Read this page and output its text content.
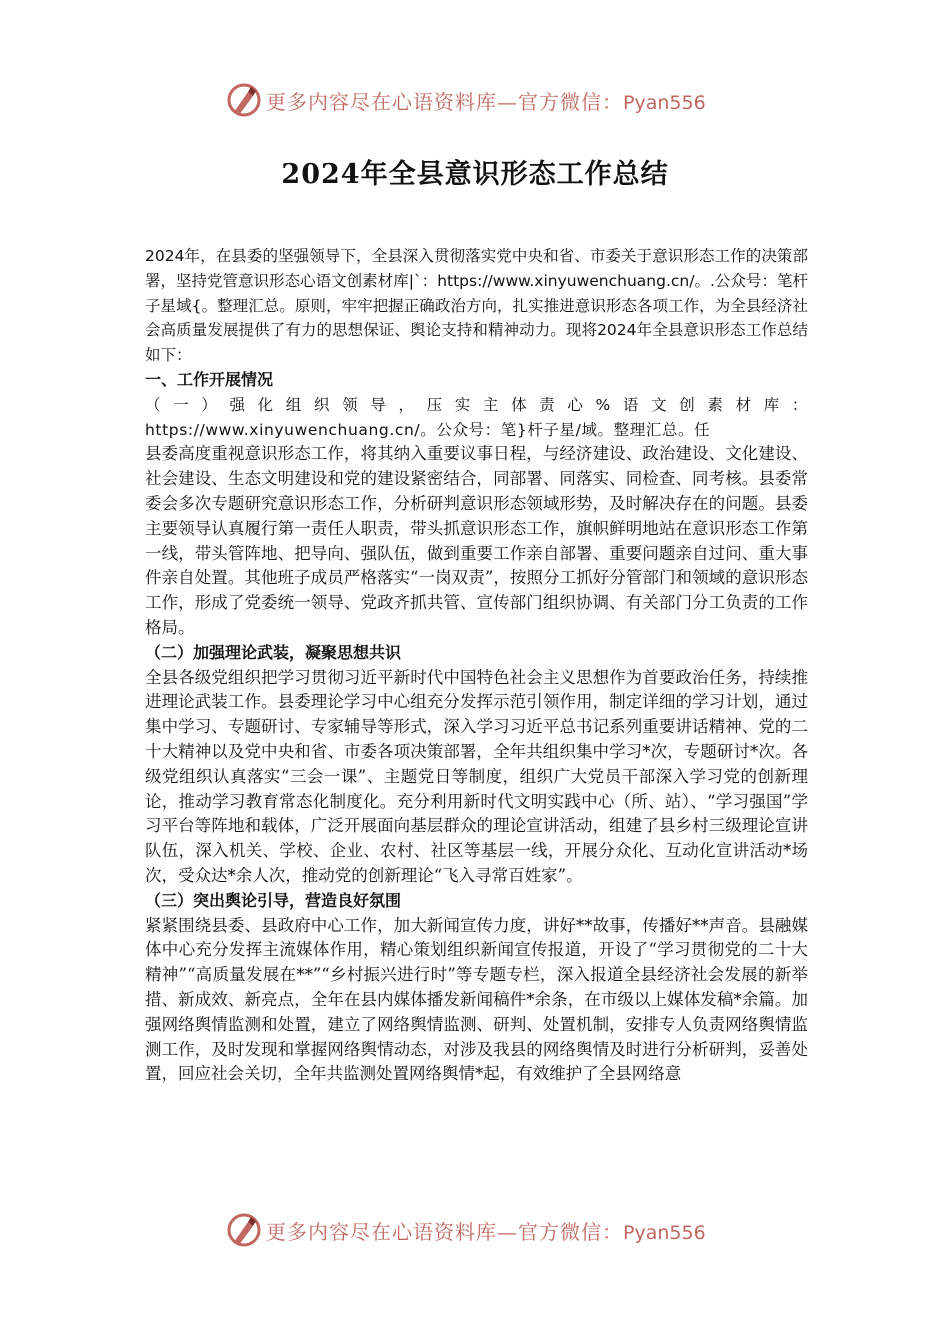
更多内容尽在心语资料库—官方微信：Pyan556
2024年全县意识形态工作总结

2024年，在县委的坚强领导下，全县深入贯彻落实党中央和省、市委关于意识形态工作的决策部署，坚持党管意识形态心语文创素材库|`：https://www.xinyuwenchuang.cn/。.公众号：笔杆子星域{。整理汇总。原则，牢牢把握正确政治方向，扎实推进意识形态各项工作，为全县经济社会高质量发展提供了有力的思想保证、舆论支持和精神动力。现将2024年全县意识形态工作总结如下：

一、工作开展情况

（一）强化组织领导，压实主体责心%语文创素材库：https://www.xinyuwenchuang.cn/。公众号：笔}杆子星/域。整理汇总。任

县委高度重视意识形态工作，将其纳入重要议事日程，与经济建设、政治建设、文化建设、社会建设、生态文明建设和党的建设紧密结合，同部署、同落实、同检查、同考核。县委常委会多次专题研究意识形态工作，分析研判意识形态领域形势，及时解决存在的问题。县委主要领导认真履行第一责任人职责，带头抓意识形态工作，旗帜鲜明地站在意识形态工作第一线，带头管阵地、把导向、强队伍，做到重要工作亲自部署、重要问题亲自过问、重大事件亲自处置。其他班子成员严格落实“一岗双责”，按照分工抓好分管部门和领域的意识形态工作，形成了党委统一领导、党政齐抓共管、宣传部门组织协调、有关部门分工负责的工作格局。

（二）加强理论武装，凝聚思想共识

全县各级党组织把学习贯彻习近平新时代中国特色社会主义思想作为首要政治任务，持续推进理论武装工作。县委理论学习中心组充分发挥示范引领作用，制定详细的学习计划，通过集中学习、专题研讨、专家辅导等形式，深入学习习近平总书记系列重要讲话精神、党的二十大精神以及党中央和省、市委各项决策部署，全年共组织集中学习*次，专题研讨*次。各级党组织认真落实“三会一课”、主题党日等制度，组织广大党员干部深入学习党的创新理论，推动学习教育常态化制度化。充分利用新时代文明实践中心（所、站）、“学习强国”学习平台等阵地和载体，广泛开展面向基层群众的理论宣讲活动，组建了县乡村三级理论宣讲队伍，深入机关、学校、企业、农村、社区等基层一线，开展分众化、互动化宣讲活动*场次，受众达*余人次，推动党的创新理论“飞入寻常百姓家”。

（三）突出舆论引导，营造良好氛围

紧紧围绕县委、县政府中心工作，加大新闻宣传力度，讲好**故事，传播好**声音。县融媒体中心充分发挥主流媒体作用，精心策划组织新闻宣传报道，开设了“学习贯彻党的二十大精神”“高质量发展在**”“乡村振兴进行时”等专题专栏，深入报道全县经济社会发展的新举措、新成效、新亮点，全年在县内媒体播发新闻稿件*余条，在市级以上媒体发稿*余篇。加强网络舆情监测和处置，建立了网络舆情监测、研判、处置机制，安排专人负责网络舆情监测工作，及时发现和掌握网络舆情动态，对涉及我县的网络舆情及时进行分析研判，妥善处置，回应社会关切，全年共监测处置网络舆情*起，有效维护了全县网络意

更多内容尽在心语资料库—官方微信：Pyan556
